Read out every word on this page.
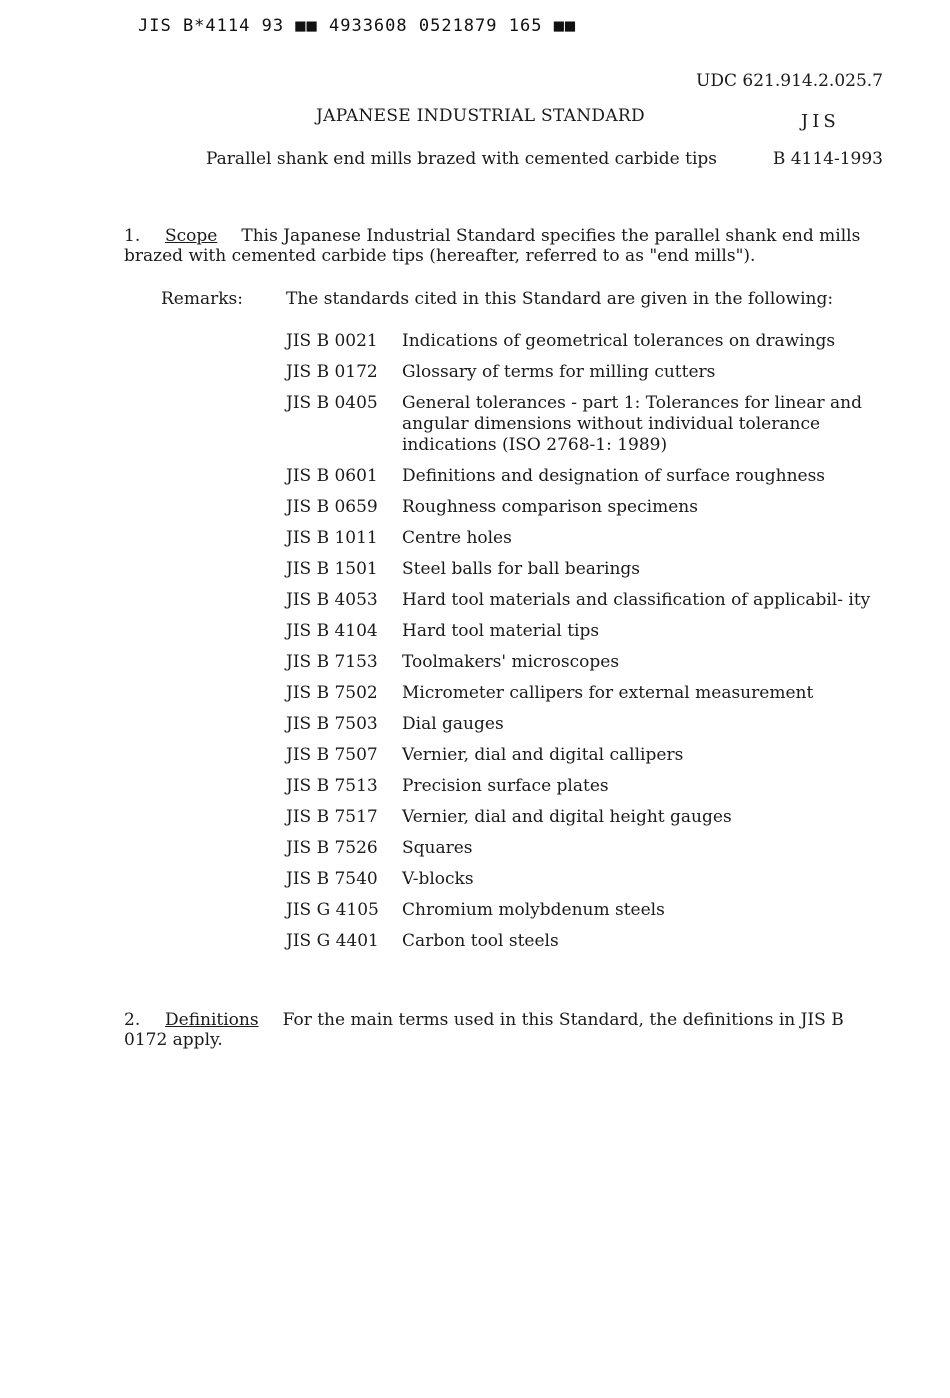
JIS B*4114 93 ■■ 4933608 0521879 165 ■■
UDC 621.914.2.025.7
JAPANESE INDUSTRIAL STANDARD	JIS
Parallel shank end mills brazed with cemented carbide tips	B 4114-1993
1. Scope This Japanese Industrial Standard specifies the parallel shank end mills brazed with cemented carbide tips (hereafter, referred to as "end mills").
Remarks:	The standards cited in this Standard are given in the following:
JIS B 0021	Indications of geometrical tolerances on drawings
JIS B 0172	Glossary of terms for milling cutters
JIS B 0405	General tolerances - part 1: Tolerances for linear and angular dimensions without individual tolerance indications (ISO 2768-1: 1989)
JIS B 0601	Definitions and designation of surface roughness
JIS B 0659	Roughness comparison specimens
JIS B 1011	Centre holes
JIS B 1501	Steel balls for ball bearings
JIS B 4053	Hard tool materials and classification of applicabil- ity
JIS B 4104	Hard tool material tips
JIS B 7153	Toolmakers' microscopes
JIS B 7502	Micrometer callipers for external measurement
JIS B 7503	Dial gauges
JIS B 7507	Vernier, dial and digital callipers
JIS B 7513	Precision surface plates
JIS B 7517	Vernier, dial and digital height gauges
JIS B 7526	Squares
JIS B 7540	V-blocks
JIS G 4105	Chromium molybdenum steels
JIS G 4401	Carbon tool steels
2. Definitions For the main terms used in this Standard, the definitions in JIS B 0172 apply.
